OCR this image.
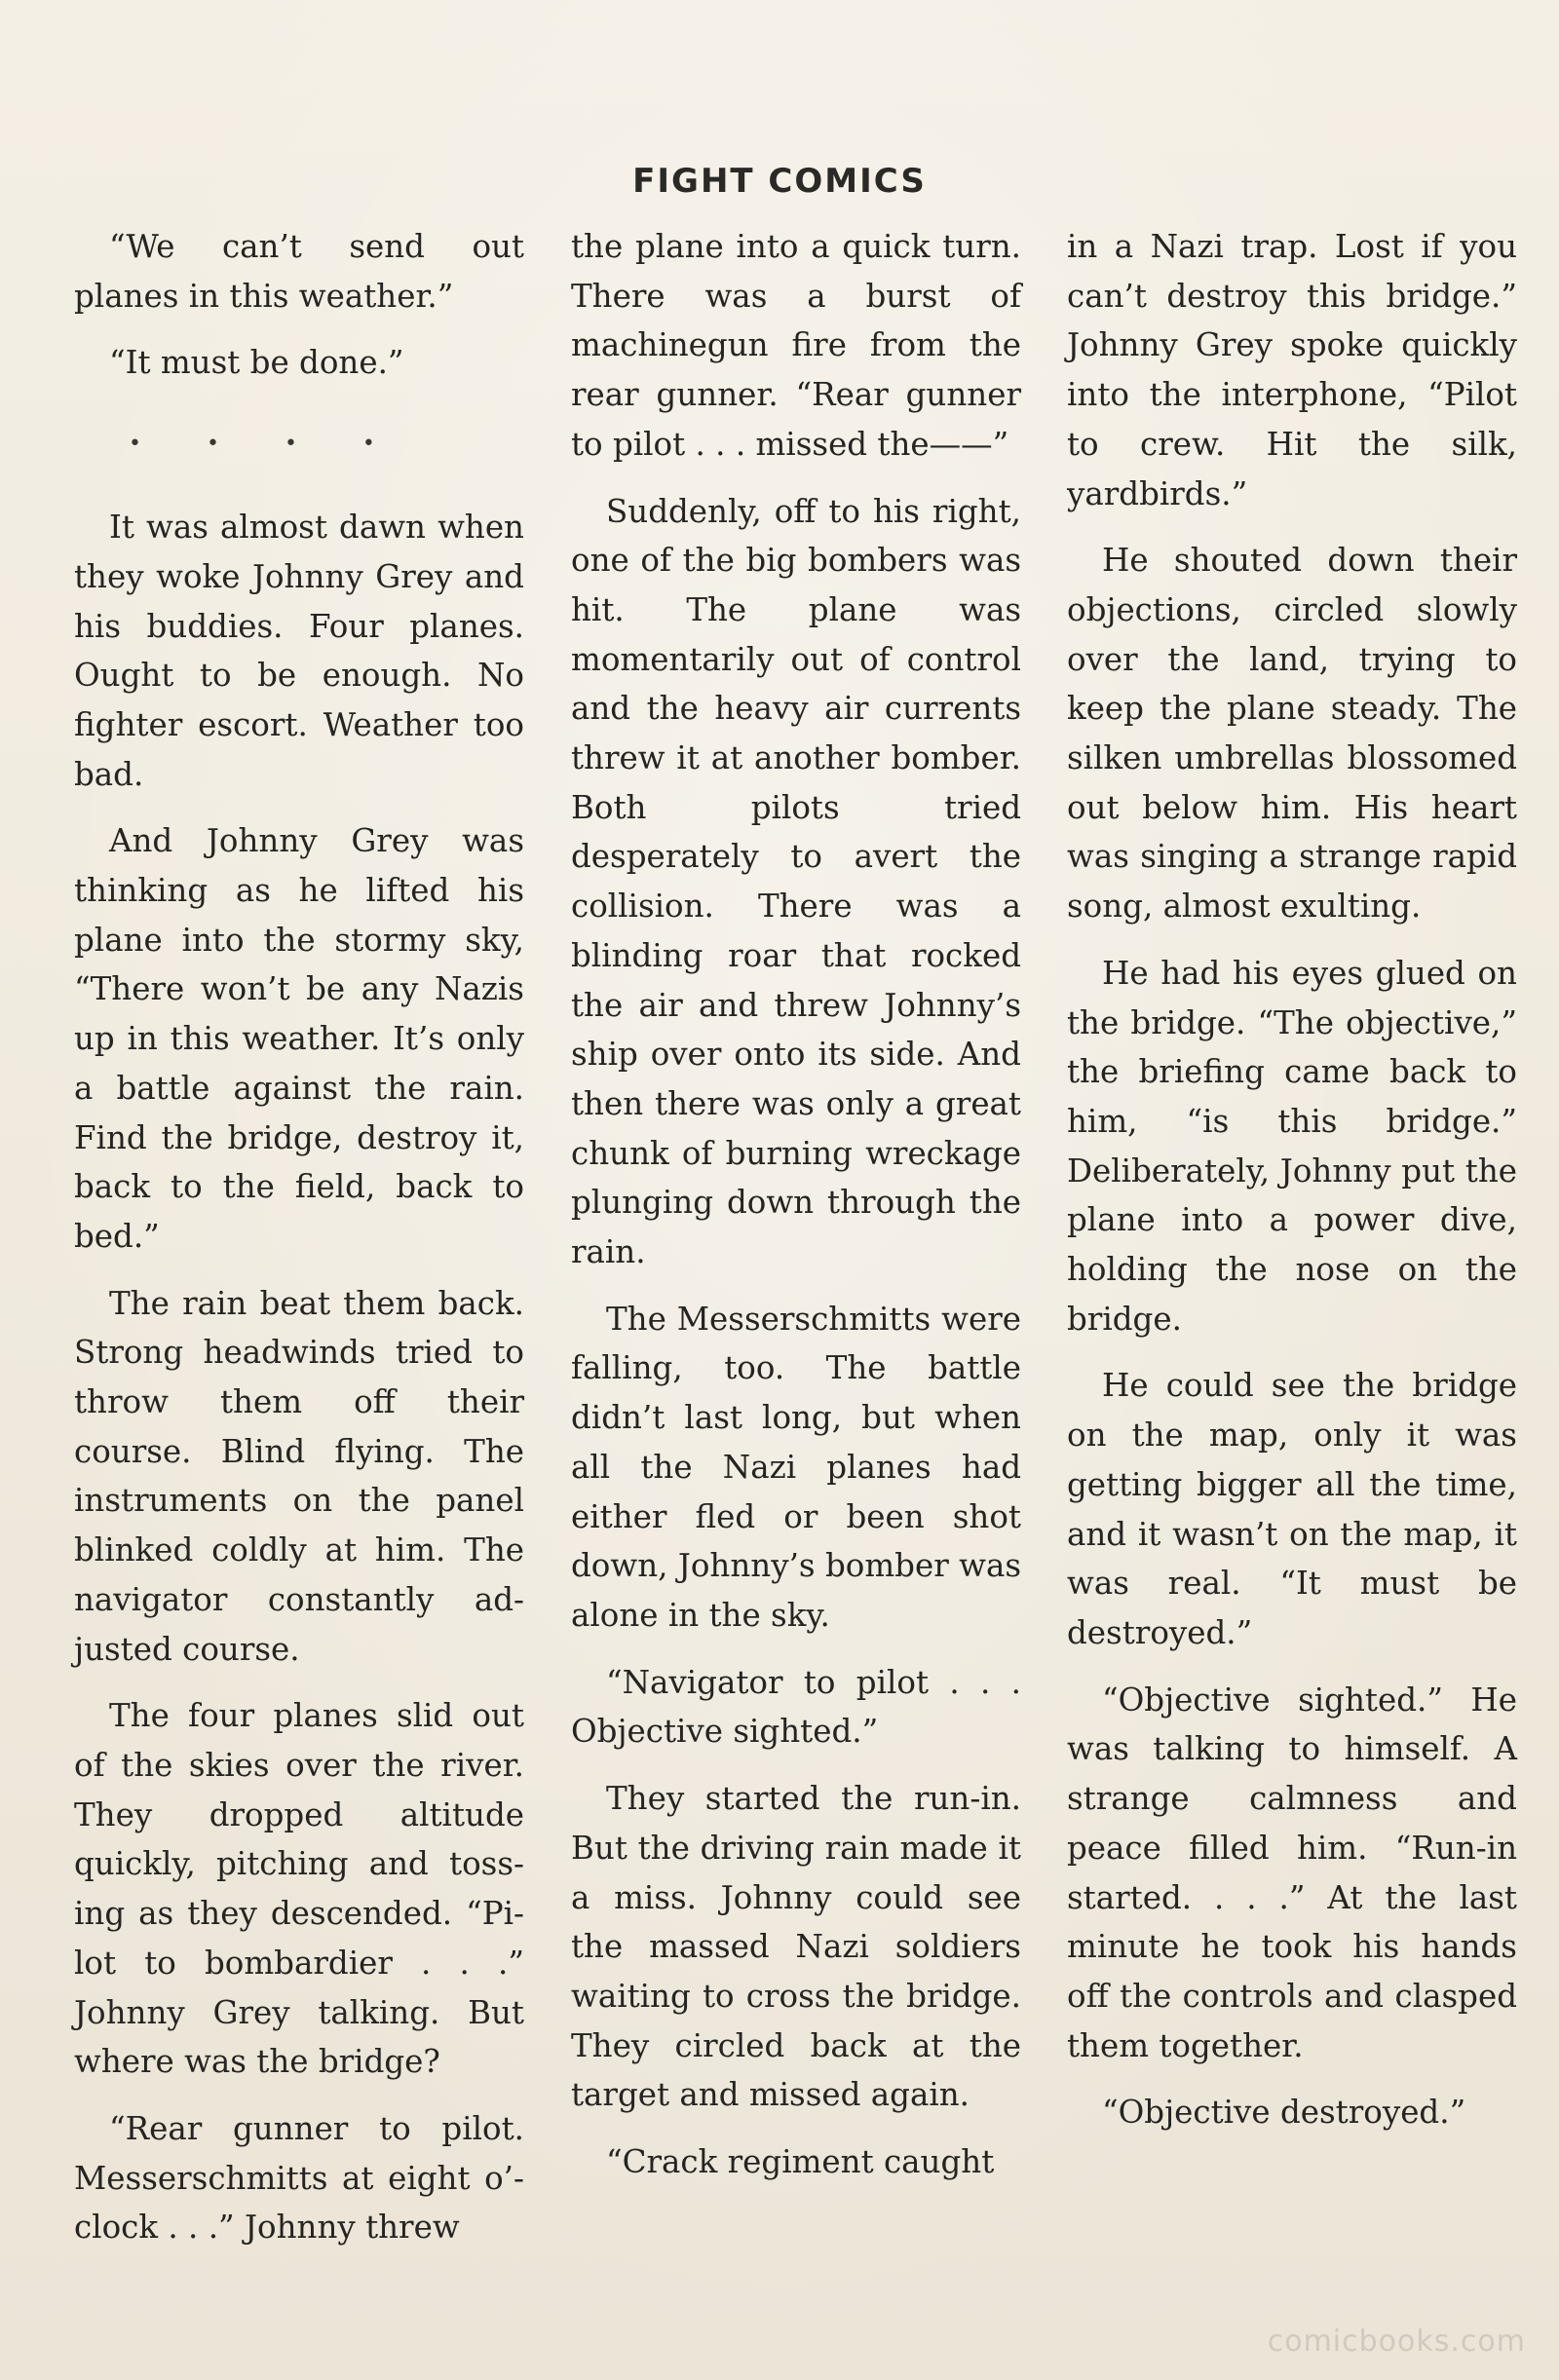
FIGHT COMICS

“We can’t send out planes in this weather.”

“It must be done.”

• • • •

It was almost dawn when they woke Johnny Grey and his buddies. Four planes. Ought to be enough. No fighter escort. Weather too bad.

And Johnny Grey was thinking as he lifted his plane into the stormy sky, “There won’t be any Nazis up in this weather. It’s only a battle against the rain. Find the bridge, destroy it, back to the field, back to bed.”

The rain beat them back. Strong headwinds tried to throw them off their course. Blind flying. The instruments on the panel blinked coldly at him. The navigator constantly adjusted course.

The four planes slid out of the skies over the river. They dropped altitude quickly, pitching and tossing as they descended. “Pilot to bombardier . . .” Johnny Grey talking. But where was the bridge?

“Rear gunner to pilot. Messerschmitts at eight o’clock . . .” Johnny threw

the plane into a quick turn. There was a burst of machinegun fire from the rear gunner. “Rear gunner to pilot . . . missed the——”

Suddenly, off to his right, one of the big bombers was hit. The plane was momentarily out of control and the heavy air currents threw it at another bomber. Both pilots tried desperately to avert the collision. There was a blinding roar that rocked the air and threw Johnny’s ship over onto its side. And then there was only a great chunk of burning wreckage plunging down through the rain.

The Messerschmitts were falling, too. The battle didn’t last long, but when all the Nazi planes had either fled or been shot down, Johnny’s bomber was alone in the sky.

“Navigator to pilot . . . Objective sighted.”

They started the run-in. But the driving rain made it a miss. Johnny could see the massed Nazi soldiers waiting to cross the bridge. They circled back at the target and missed again.

“Crack regiment caught

in a Nazi trap. Lost if you can’t destroy this bridge.” Johnny Grey spoke quickly into the interphone, “Pilot to crew. Hit the silk, yardbirds.”

He shouted down their objections, circled slowly over the land, trying to keep the plane steady. The silken umbrellas blossomed out below him. His heart was singing a strange rapid song, almost exulting.

He had his eyes glued on the bridge. “The objective,” the briefing came back to him, “is this bridge.” Deliberately, Johnny put the plane into a power dive, holding the nose on the bridge.

He could see the bridge on the map, only it was getting bigger all the time, and it wasn’t on the map, it was real. “It must be destroyed.”

“Objective sighted.” He was talking to himself. A strange calmness and peace filled him. “Run-in started. . . .” At the last minute he took his hands off the controls and clasped them together.

“Objective destroyed.”

comicbooks.com
